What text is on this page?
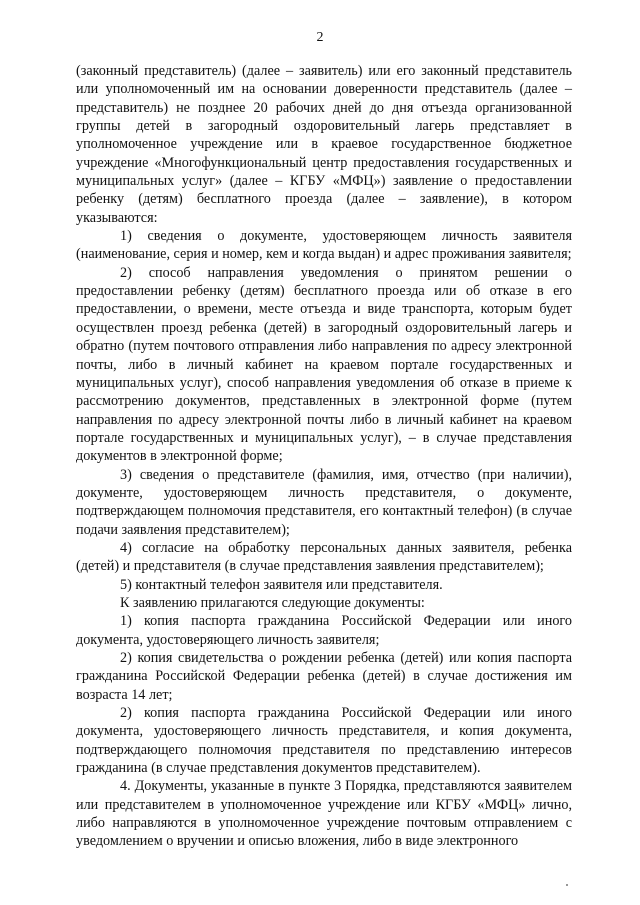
2

(законный представитель) (далее – заявитель) или его законный представитель или уполномоченный им на основании доверенности представитель (далее – представитель) не позднее 20 рабочих дней до дня отъезда организованной группы детей в загородный оздоровительный лагерь представляет в уполномоченное учреждение или в краевое государственное бюджетное учреждение «Многофункциональный центр предоставления государственных и муниципальных услуг» (далее – КГБУ «МФЦ») заявление о предоставлении ребенку (детям) бесплатного проезда (далее – заявление), в котором указываются:

1) сведения о документе, удостоверяющем личность заявителя (наименование, серия и номер, кем и когда выдан) и адрес проживания заявителя;

2) способ направления уведомления о принятом решении о предоставлении ребенку (детям) бесплатного проезда или об отказе в его предоставлении, о времени, месте отъезда и виде транспорта, которым будет осуществлен проезд ребенка (детей) в загородный оздоровительный лагерь и обратно (путем почтового отправления либо направления по адресу электронной почты, либо в личный кабинет на краевом портале государственных и муниципальных услуг), способ направления уведомления об отказе в приеме к рассмотрению документов, представленных в электронной форме (путем направления по адресу электронной почты либо в личный кабинет на краевом портале государственных и муниципальных услуг), – в случае представления документов в электронной форме;

3) сведения о представителе (фамилия, имя, отчество (при наличии), документе, удостоверяющем личность представителя, о документе, подтверждающем полномочия представителя, его контактный телефон) (в случае подачи заявления представителем);

4) согласие на обработку персональных данных заявителя, ребенка (детей) и представителя (в случае представления заявления представителем);

5) контактный телефон заявителя или представителя.

К заявлению прилагаются следующие документы:

1) копия паспорта гражданина Российской Федерации или иного документа, удостоверяющего личность заявителя;

2) копия свидетельства о рождении ребенка (детей) или копия паспорта гражданина Российской Федерации ребенка (детей) в случае достижения им возраста 14 лет;

2) копия паспорта гражданина Российской Федерации или иного документа, удостоверяющего личность представителя, и копия документа, подтверждающего полномочия представителя по представлению интересов гражданина (в случае представления документов представителем).

4. Документы, указанные в пункте 3 Порядка, представляются заявителем или представителем в уполномоченное учреждение или КГБУ «МФЦ» лично, либо направляются в уполномоченное учреждение почтовым отправлением с уведомлением о вручении и описью вложения, либо в виде электронного
